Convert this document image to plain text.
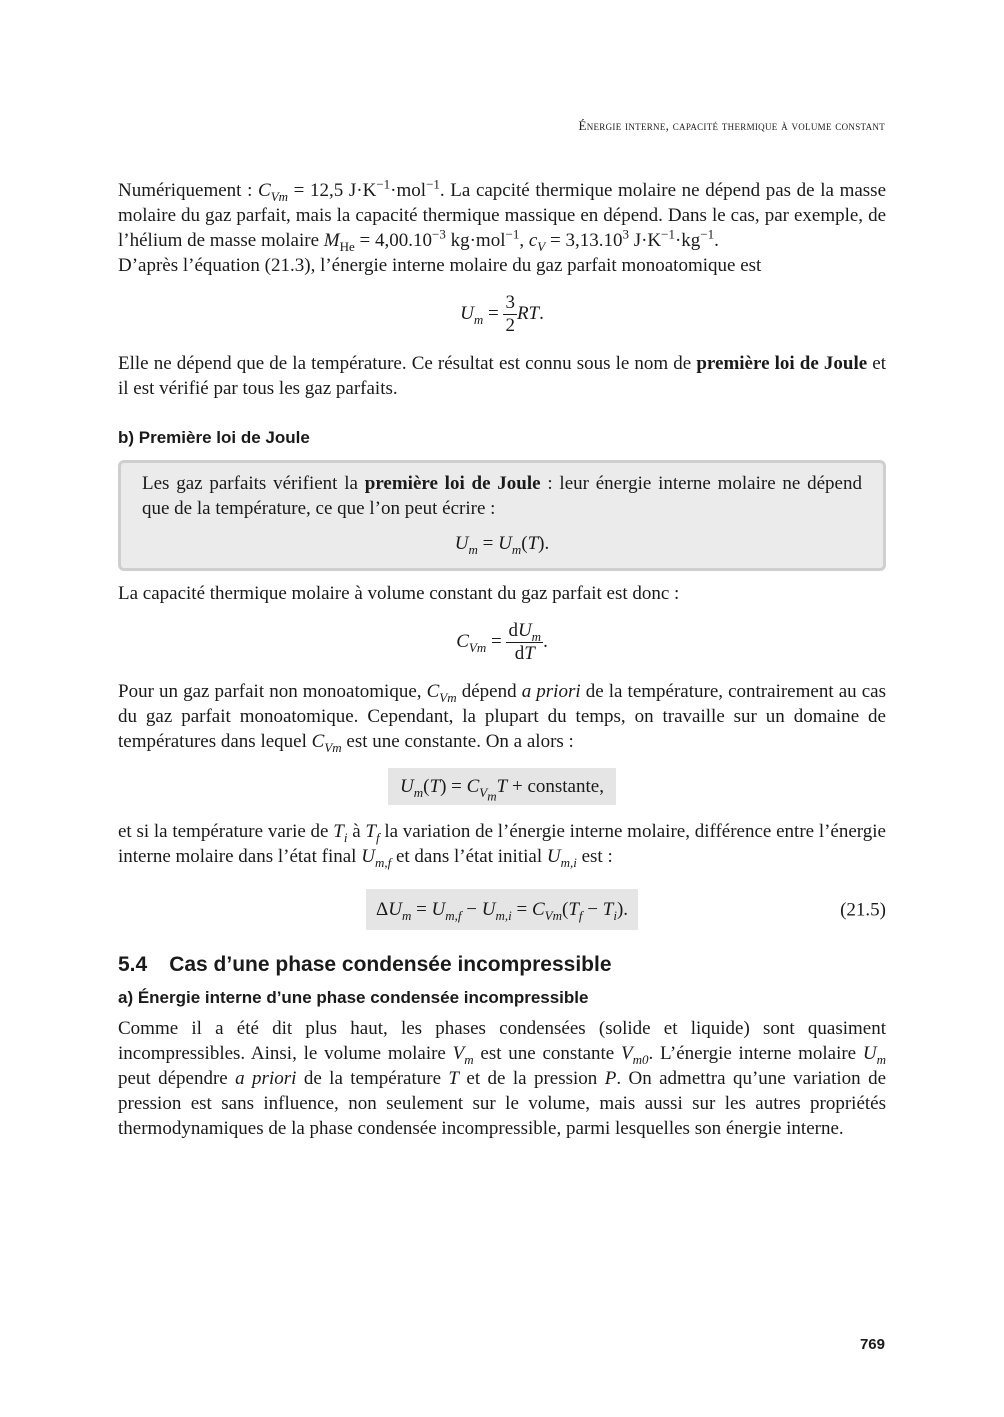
Énergie interne, capacité thermique à volume constant

Numériquement : $C_{Vm} = 12,5$ $J\cdot K^{-1}\cdot mol^{-1}$. La capcité thermique molaire ne dépend pas de la masse molaire du gaz parfait, mais la capacité thermique massique en dépend. Dans le cas, par exemple, de l’hélium de masse molaire $M_{He} = 4,00.10^{-3}$ kg·mol$^{-1}$, $c_V = 3,13.10^3$ $J\cdot K^{-1}\cdot kg^{-1}$.

D’après l’équation (21.3), l’énergie interne molaire du gaz parfait monoatomique est

$U_m = \frac{3}{2}$ RT.

Elle ne dépend que de la température. Ce résultat est connu sous le nom de première loi de Joule et il est vérifié par tous les gaz parfaits.

b) Première loi de Joule

Les gaz parfaits vérifient la première loi de Joule : leur énergie interne molaire ne dépend que de la température, ce que l’on peut écrire :

$U_m = U_m(T)$.

La capacité thermique molaire à volume constant du gaz parfait est donc :

$C_{Vm} = \frac{dU_m}{dT}$ .

Pour un gaz parfait non monoatomique, $C_{Vm}$ dépend a priori de la température, contrairement au cas du gaz parfait monoatomique. Cependant, la plupart du temps, on travaille sur un domaine de températures dans lequel $C_{Vm}$ est une constante. On a alors :

$U_m(T) = C_{V_m}T$ + constante,

et si la température varie de $T_i$ à $T_f$ la variation de l’énergie interne molaire, différence entre l’énergie interne molaire dans l’état final $U_{m,f}$ et dans l’état initial $U_{m,i}$ est :

$\Delta U_m = U_{m,f} - U_{m,i} = C_{Vm}(T_f - T_i)$.	(21.5)
5.4 Cas d’une phase condensée incompressible
a) Énergie interne d’une phase condensée incompressible

Comme il a été dit plus haut, les phases condensées (solide et liquide) sont quasiment incompressibles. Ainsi, le volume molaire $V_m$ est une constante $V_{m0}$. L’énergie interne molaire $U_m$ peut dépendre a priori de la température T et de la pression P. On admettra qu’une variation de pression est sans influence, non seulement sur le volume, mais aussi sur les autres propriétés thermodynamiques de la phase condensée incompressible, parmi lesquelles son énergie interne.

769
